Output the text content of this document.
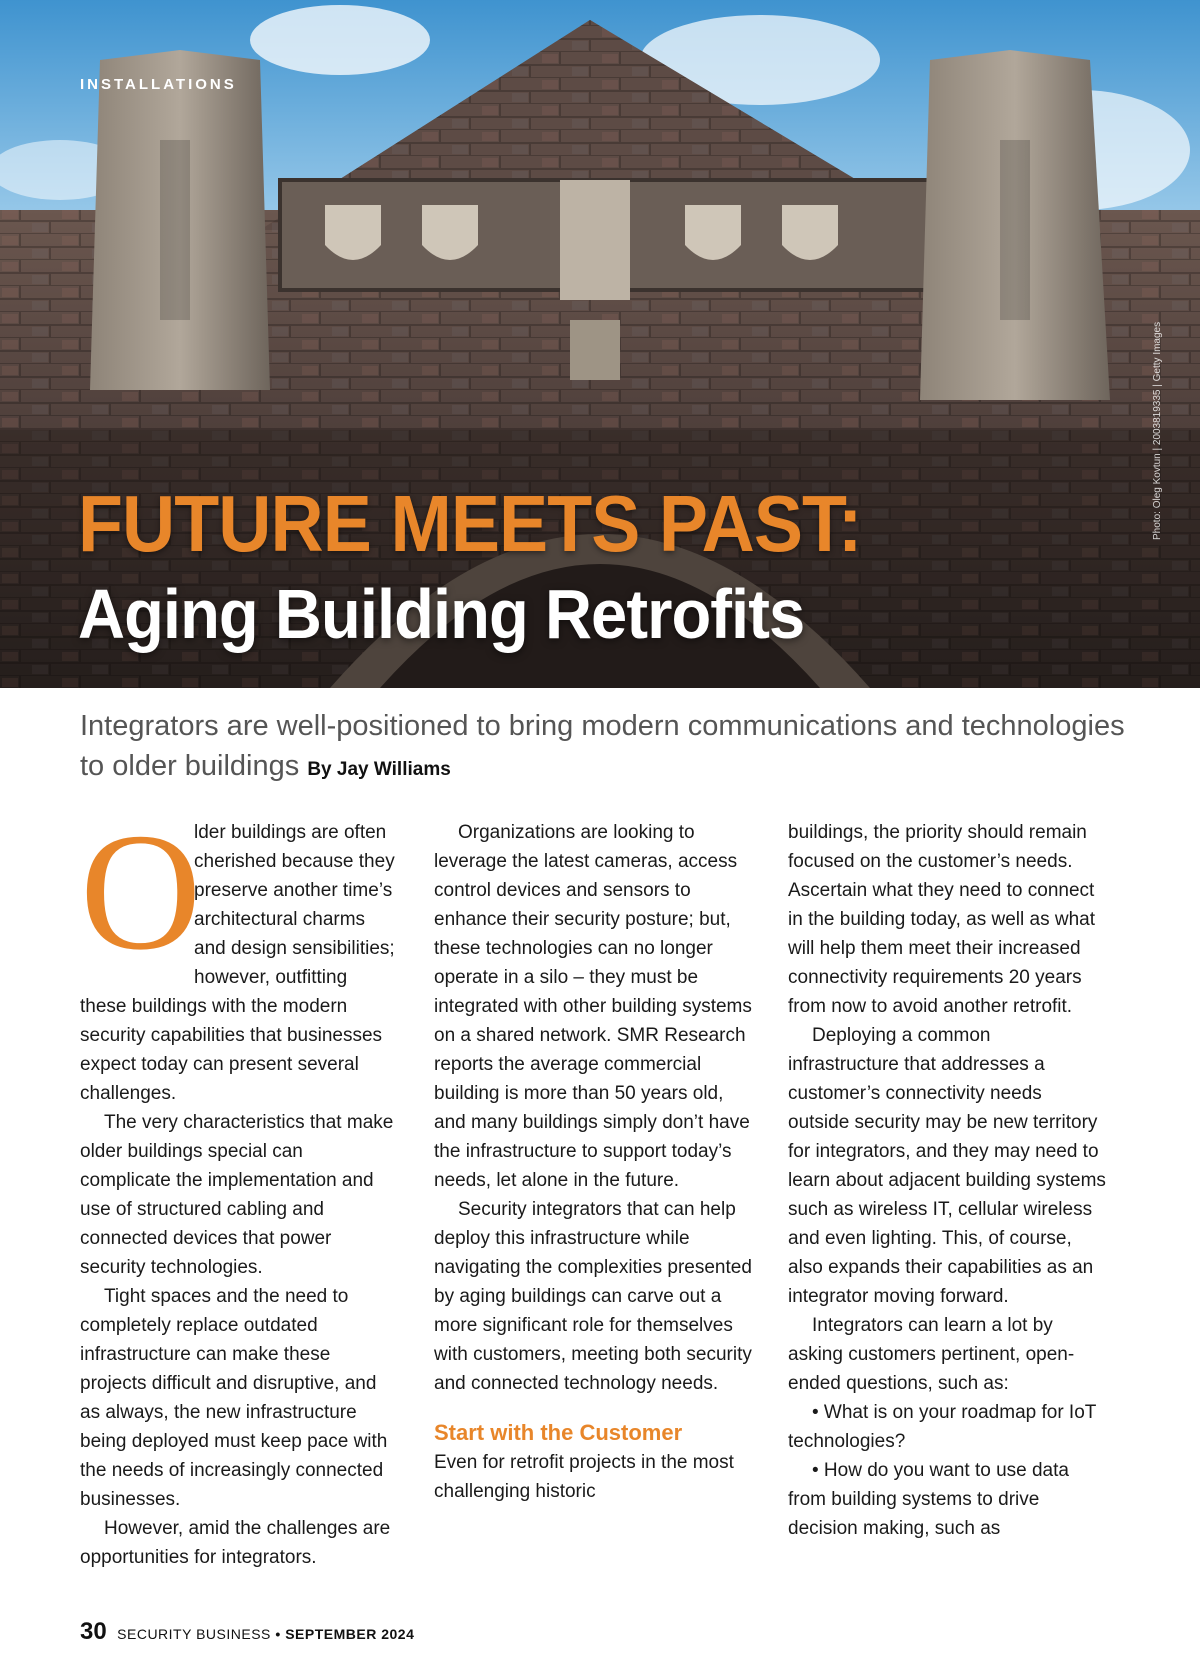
INSTALLATIONS
FUTURE MEETS PAST:
Aging Building Retrofits
Photo: Oleg Kovtun | 2003819335 | Getty Images
Integrators are well-positioned to bring modern communications and technologies to older buildings By Jay Williams
O

lder buildings are often cherished because they preserve another time’s architectural charms and design sensibilities; however, outfitting these buildings with the modern security capabilities that businesses expect today can present several challenges.

The very characteristics that make older buildings special can complicate the implementation and use of structured cabling and connected devices that power security technologies.

Tight spaces and the need to completely replace outdated infrastructure can make these projects difficult and disruptive, and as always, the new infrastructure being deployed must keep pace with the needs of increasingly connected businesses.

However, amid the challenges are opportunities for integrators.

Organizations are looking to leverage the latest cameras, access control devices and sensors to enhance their security posture; but, these technologies can no longer operate in a silo – they must be integrated with other building systems on a shared network. SMR Research reports the average commercial building is more than 50 years old, and many buildings simply don’t have the infrastructure to support today’s needs, let alone in the future.

Security integrators that can help deploy this infrastructure while navigating the complexities presented by aging buildings can carve out a more significant role for themselves with customers, meeting both security and connected technology needs.

Start with the Customer

Even for retrofit projects in the most challenging historic

buildings, the priority should remain focused on the customer’s needs. Ascertain what they need to connect in the building today, as well as what will help them meet their increased connectivity requirements 20 years from now to avoid another retrofit.

Deploying a common infrastructure that addresses a customer’s connectivity needs outside security may be new territory for integrators, and they may need to learn about adjacent building systems such as wireless IT, cellular wireless and even lighting. This, of course, also expands their capabilities as an integrator moving forward.

Integrators can learn a lot by asking customers pertinent, open-ended questions, such as:

• What is on your roadmap for IoT technologies?

• How do you want to use data from building systems to drive decision making, such as

30 SECURITY BUSINESS • SEPTEMBER 2024
